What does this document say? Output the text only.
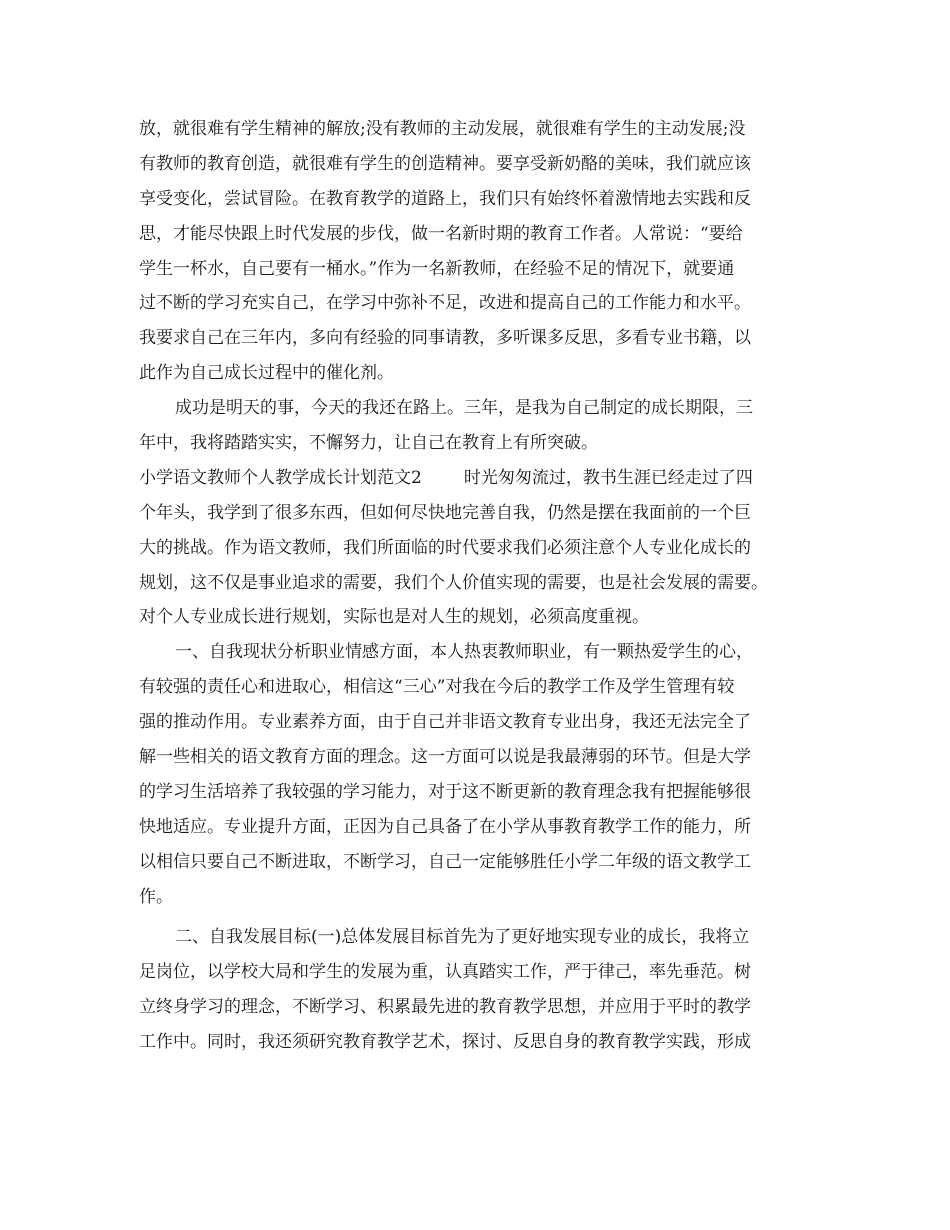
放，就很难有学生精神的解放;没有教师的主动发展，就很难有学生的主动发展;没
有教师的教育创造，就很难有学生的创造精神。要享受新奶酪的美味，我们就应该
享受变化，尝试冒险。在教育教学的道路上，我们只有始终怀着激情地去实践和反
思，才能尽快跟上时代发展的步伐，做一名新时期的教育工作者。人常说：“要给
学生一杯水，自己要有一桶水。”作为一名新教师，在经验不足的情况下，就要通
过不断的学习充实自己，在学习中弥补不足，改进和提高自己的工作能力和水平。
我要求自己在三年内，多向有经验的同事请教，多听课多反思，多看专业书籍，以
此作为自己成长过程中的催化剂。
成功是明天的事，今天的我还在路上。三年，是我为自己制定的成长期限，三
年中，我将踏踏实实，不懈努力，让自己在教育上有所突破。
小学语文教师个人教学成长计划范文2 时光匆匆流过，教书生涯已经走过了四
个年头，我学到了很多东西，但如何尽快地完善自我，仍然是摆在我面前的一个巨
大的挑战。作为语文教师，我们所面临的时代要求我们必须注意个人专业化成长的
规划，这不仅是事业追求的需要，我们个人价值实现的需要，也是社会发展的需要。
对个人专业成长进行规划，实际也是对人生的规划，必须高度重视。
一、自我现状分析职业情感方面，本人热衷教师职业，有一颗热爱学生的心，
有较强的责任心和进取心，相信这“三心”对我在今后的教学工作及学生管理有较
强的推动作用。专业素养方面，由于自己并非语文教育专业出身，我还无法完全了
解一些相关的语文教育方面的理念。这一方面可以说是我最薄弱的环节。但是大学
的学习生活培养了我较强的学习能力，对于这不断更新的教育理念我有把握能够很
快地适应。专业提升方面，正因为自己具备了在小学从事教育教学工作的能力，所
以相信只要自己不断进取，不断学习，自己一定能够胜任小学二年级的语文教学工
作。
二、自我发展目标(一)总体发展目标首先为了更好地实现专业的成长，我将立
足岗位，以学校大局和学生的发展为重，认真踏实工作，严于律己，率先垂范。树
立终身学习的理念，不断学习、积累最先进的教育教学思想，并应用于平时的教学
工作中。同时，我还须研究教育教学艺术，探讨、反思自身的教育教学实践，形成
